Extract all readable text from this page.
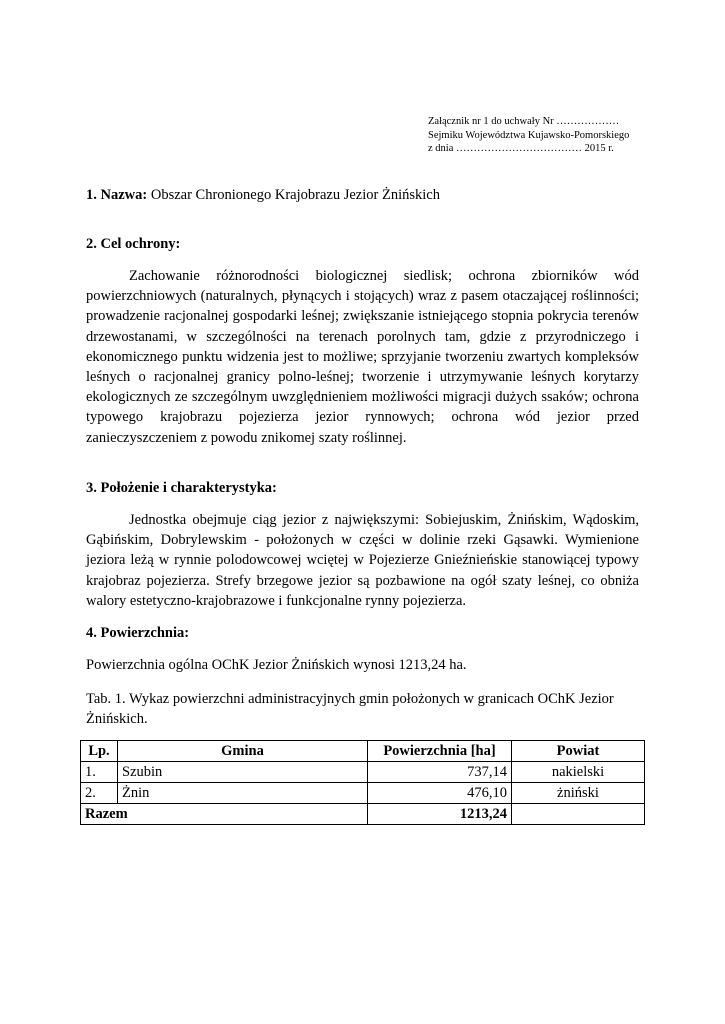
Załącznik nr 1 do uchwały Nr ………………
Sejmiku Województwa Kujawsko-Pomorskiego
z dnia ……………………………… 2015 r.
1. Nazwa: Obszar Chronionego Krajobrazu Jezior Żnińskich
2. Cel ochrony:

Zachowanie różnorodności biologicznej siedlisk; ochrona zbiorników wód powierzchniowych (naturalnych, płynących i stojących) wraz z pasem otaczającej roślinności; prowadzenie racjonalnej gospodarki leśnej; zwiększanie istniejącego stopnia pokrycia terenów drzewostanami, w szczególności na terenach porolnych tam, gdzie z przyrodniczego i ekonomicznego punktu widzenia jest to możliwe; sprzyjanie tworzeniu zwartych kompleksów leśnych o racjonalnej granicy polno-leśnej; tworzenie i utrzymywanie leśnych korytarzy ekologicznych ze szczególnym uwzględnieniem możliwości migracji dużych ssaków; ochrona typowego krajobrazu pojezierza jezior rynnowych; ochrona wód jezior przed zanieczyszczeniem z powodu znikomej szaty roślinnej.

3. Położenie i charakterystyka:

Jednostka obejmuje ciąg jezior z największymi: Sobiejuskim, Żnińskim, Wądoskim, Gąbińskim, Dobrylewskim - położonych w części w dolinie rzeki Gąsawki. Wymienione jeziora leżą w rynnie polodowcowej wciętej w Pojezierze Gnieźnieńskie stanowiącej typowy krajobraz pojezierza. Strefy brzegowe jezior są pozbawione na ogół szaty leśnej, co obniża walory estetyczno-krajobrazowe i funkcjonalne rynny pojezierza.

4. Powierzchnia:
Powierzchnia ogólna OChK Jezior Żnińskich wynosi 1213,24 ha.
Tab. 1. Wykaz powierzchni administracyjnych gmin położonych w granicach OChK Jezior Żnińskich.
Lp.	Gmina	Powierzchnia [ha]	Powiat
1.	Szubin	737,14	nakielski
2.	Żnin	476,10	żniński
Razem		1213,24	
